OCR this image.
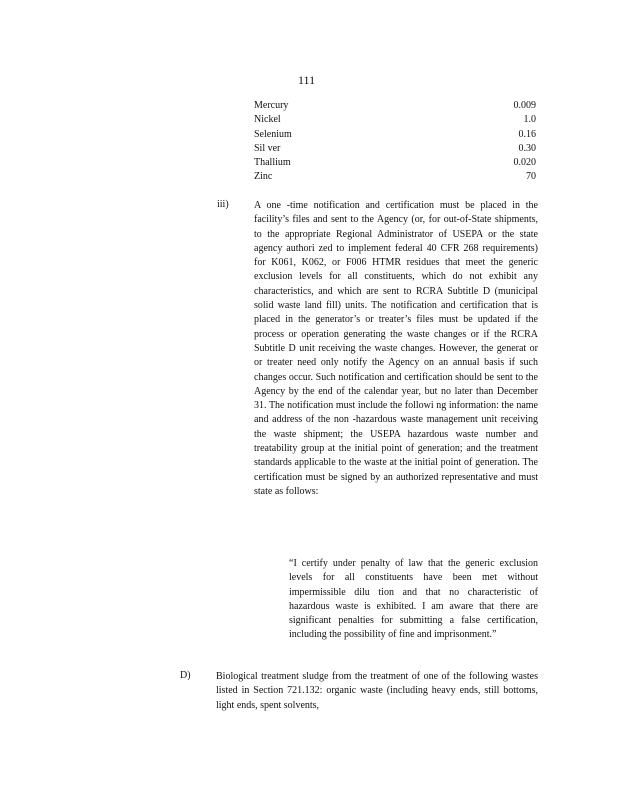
111
Mercury	0.009
Nickel	1.0
Selenium	0.16
Sil ver	0.30
Thallium	0.020
Zinc	70
iii)	A one -time notification and certification must be placed in the facility’s files and sent to the Agency (or, for out-of-State shipments, to the appropriate Regional Administrator of USEPA or the state agency authori zed to implement federal 40 CFR 268 requirements) for K061, K062, or F006 HTMR residues that meet the generic exclusion levels for all constituents, which do not exhibit any characteristics, and which are sent to RCRA Subtitle D (municipal solid waste land fill) units. The notification and certification that is placed in the generator’s or treater’s files must be updated if the process or operation generating the waste changes or if the RCRA Subtitle D unit receiving the waste changes. However, the generat or or treater need only notify the Agency on an annual basis if such changes occur. Such notification and certification should be sent to the Agency by the end of the calendar year, but no later than December 31. The notification must include the followi ng information: the name and address of the non -hazardous waste management unit receiving the waste shipment; the USEPA hazardous waste number and treatability group at the initial point of generation; and the treatment standards applicable to the waste at the initial point of generation. The certification must be signed by an authorized representative and must state as follows:

“I certify under penalty of law that the generic exclusion levels for all constituents have been met without impermissible dilu tion and that no characteristic of hazardous waste is exhibited. I am aware that there are significant penalties for submitting a false certification, including the possibility of fine and imprisonment.”

D)	Biological treatment sludge from the treatment of one of the following wastes listed in Section 721.132: organic waste (including heavy ends, still bottoms, light ends, spent solvents,
